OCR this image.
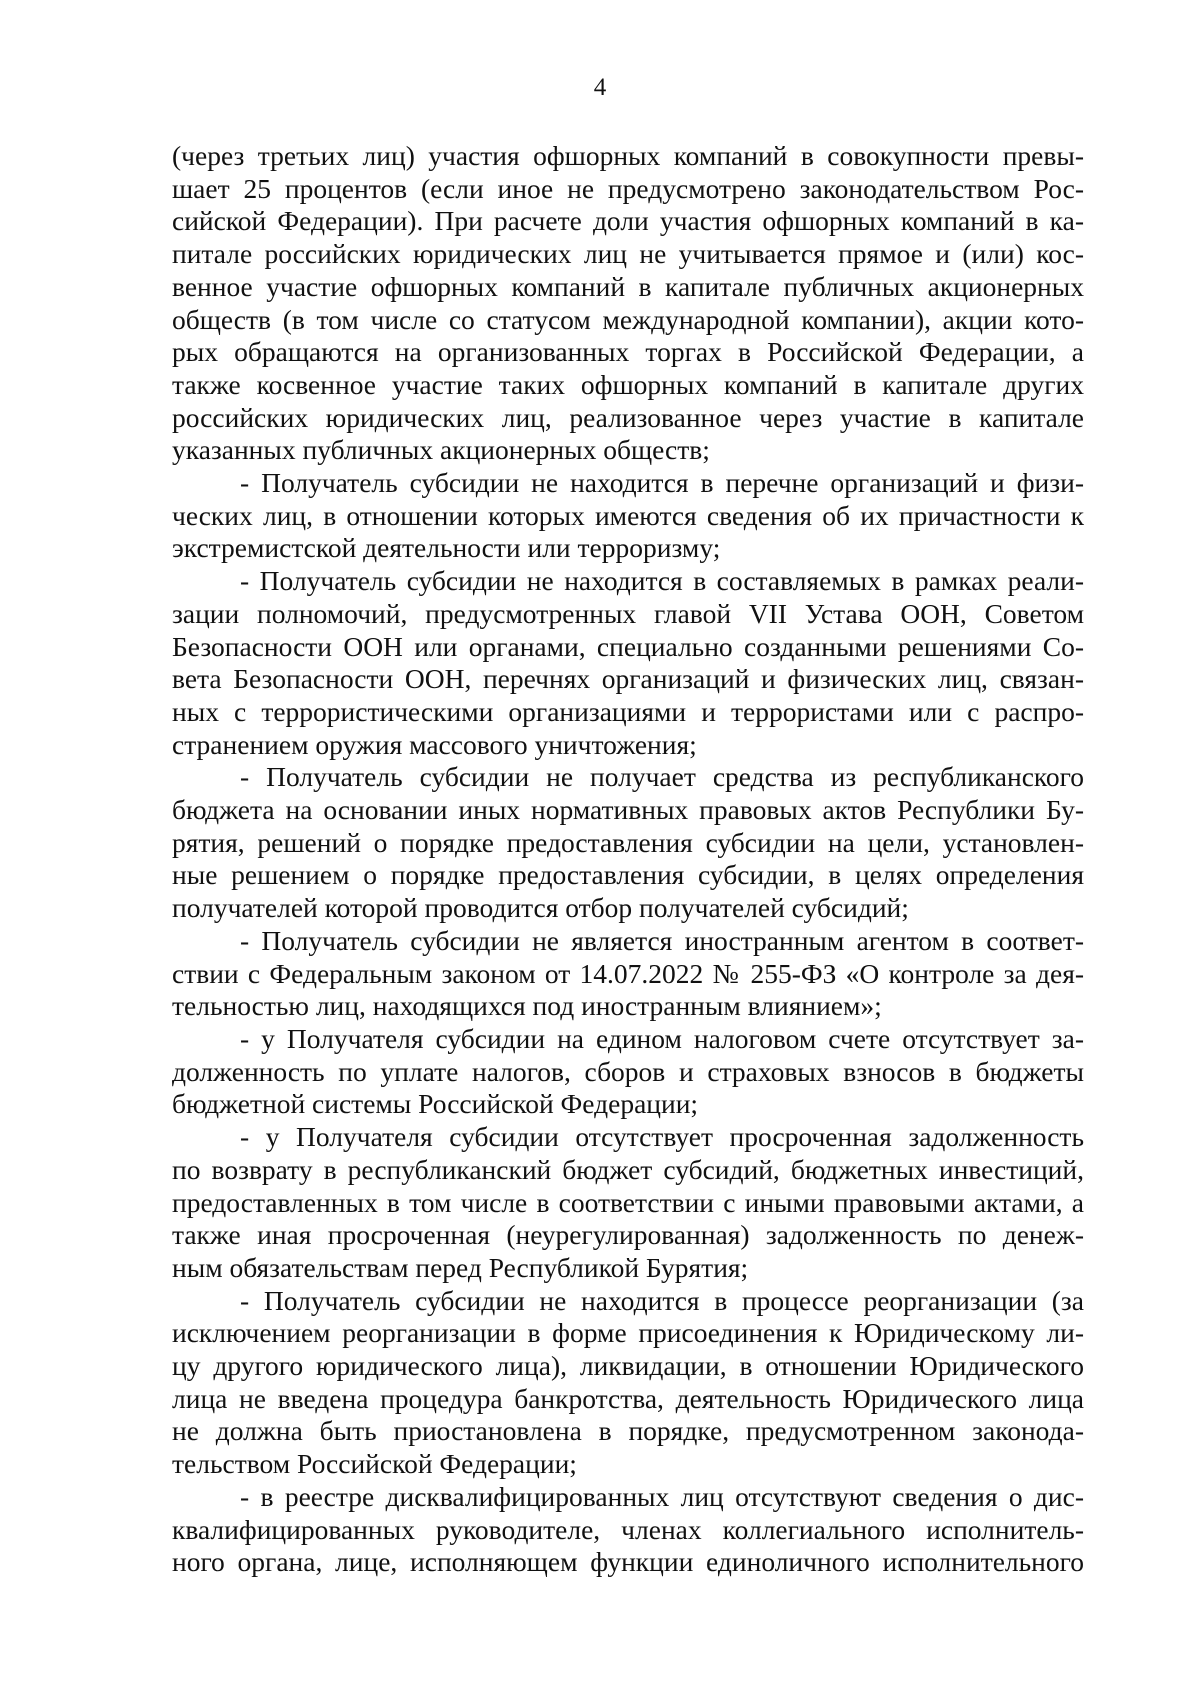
4
(через третьих лиц) участия офшорных компаний в совокупности превы-
шает 25 процентов (если иное не предусмотрено законодательством Рос-
сийской Федерации). При расчете доли участия офшорных компаний в ка-
питале российских юридических лиц не учитывается прямое и (или) кос-
венное участие офшорных компаний в капитале публичных акционерных
обществ (в том числе со статусом международной компании), акции кото-
рых обращаются на организованных торгах в Российской Федерации, а
также косвенное участие таких офшорных компаний в капитале других
российских юридических лиц, реализованное через участие в капитале
указанных публичных акционерных обществ;
- Получатель субсидии не находится в перечне организаций и физи-
ческих лиц, в отношении которых имеются сведения об их причастности к
экстремистской деятельности или терроризму;
- Получатель субсидии не находится в составляемых в рамках реали-
зации полномочий, предусмотренных главой VII Устава ООН, Советом
Безопасности ООН или органами, специально созданными решениями Со-
вета Безопасности ООН, перечнях организаций и физических лиц, связан-
ных с террористическими организациями и террористами или с распро-
странением оружия массового уничтожения;
- Получатель субсидии не получает средства из республиканского
бюджета на основании иных нормативных правовых актов Республики Бу-
рятия, решений о порядке предоставления субсидии на цели, установлен-
ные решением о порядке предоставления субсидии, в целях определения
получателей которой проводится отбор получателей субсидий;
- Получатель субсидии не является иностранным агентом в соответ-
ствии с Федеральным законом от 14.07.2022 № 255-ФЗ «О контроле за дея-
тельностью лиц, находящихся под иностранным влиянием»;
- у Получателя субсидии на едином налоговом счете отсутствует за-
долженность по уплате налогов, сборов и страховых взносов в бюджеты
бюджетной системы Российской Федерации;
- у Получателя субсидии отсутствует просроченная задолженность
по возврату в республиканский бюджет субсидий, бюджетных инвестиций,
предоставленных в том числе в соответствии с иными правовыми актами, а
также иная просроченная (неурегулированная) задолженность по денеж-
ным обязательствам перед Республикой Бурятия;
- Получатель субсидии не находится в процессе реорганизации (за
исключением реорганизации в форме присоединения к Юридическому ли-
цу другого юридического лица), ликвидации, в отношении Юридического
лица не введена процедура банкротства, деятельность Юридического лица
не должна быть приостановлена в порядке, предусмотренном законода-
тельством Российской Федерации;
- в реестре дисквалифицированных лиц отсутствуют сведения о дис-
квалифицированных руководителе, членах коллегиального исполнитель-
ного органа, лице, исполняющем функции единоличного исполнительного
